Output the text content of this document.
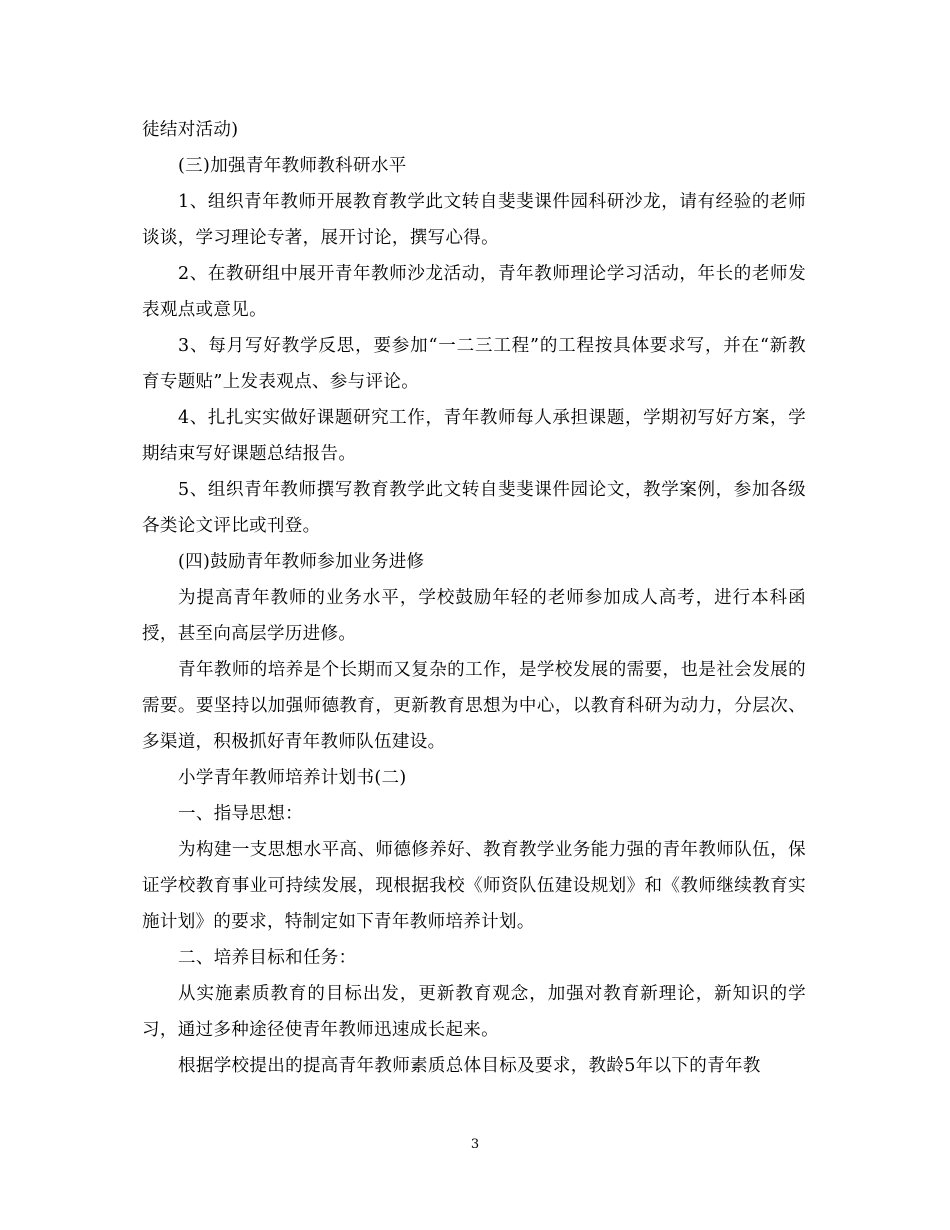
徒结对活动)

(三)加强青年教师教科研水平

1、组织青年教师开展教育教学此文转自斐斐课件园科研沙龙，请有经验的老师谈谈，学习理论专著，展开讨论，撰写心得。

2、在教研组中展开青年教师沙龙活动，青年教师理论学习活动，年长的老师发表观点或意见。

3、每月写好教学反思，要参加“一二三工程”的工程按具体要求写，并在“新教育专题贴”上发表观点、参与评论。

4、扎扎实实做好课题研究工作，青年教师每人承担课题，学期初写好方案，学期结束写好课题总结报告。

5、组织青年教师撰写教育教学此文转自斐斐课件园论文，教学案例，参加各级各类论文评比或刊登。

(四)鼓励青年教师参加业务进修

为提高青年教师的业务水平，学校鼓励年轻的老师参加成人高考，进行本科函授，甚至向高层学历进修。

青年教师的培养是个长期而又复杂的工作，是学校发展的需要，也是社会发展的需要。要坚持以加强师德教育，更新教育思想为中心，以教育科研为动力，分层次、多渠道，积极抓好青年教师队伍建设。

小学青年教师培养计划书(二)

一、指导思想：

为构建一支思想水平高、师德修养好、教育教学业务能力强的青年教师队伍，保证学校教育事业可持续发展，现根据我校《师资队伍建设规划》和《教师继续教育实施计划》的要求，特制定如下青年教师培养计划。

二、培养目标和任务：

从实施素质教育的目标出发，更新教育观念，加强对教育新理论，新知识的学习，通过多种途径使青年教师迅速成长起来。

根据学校提出的提高青年教师素质总体目标及要求，教龄5年以下的青年教

3
